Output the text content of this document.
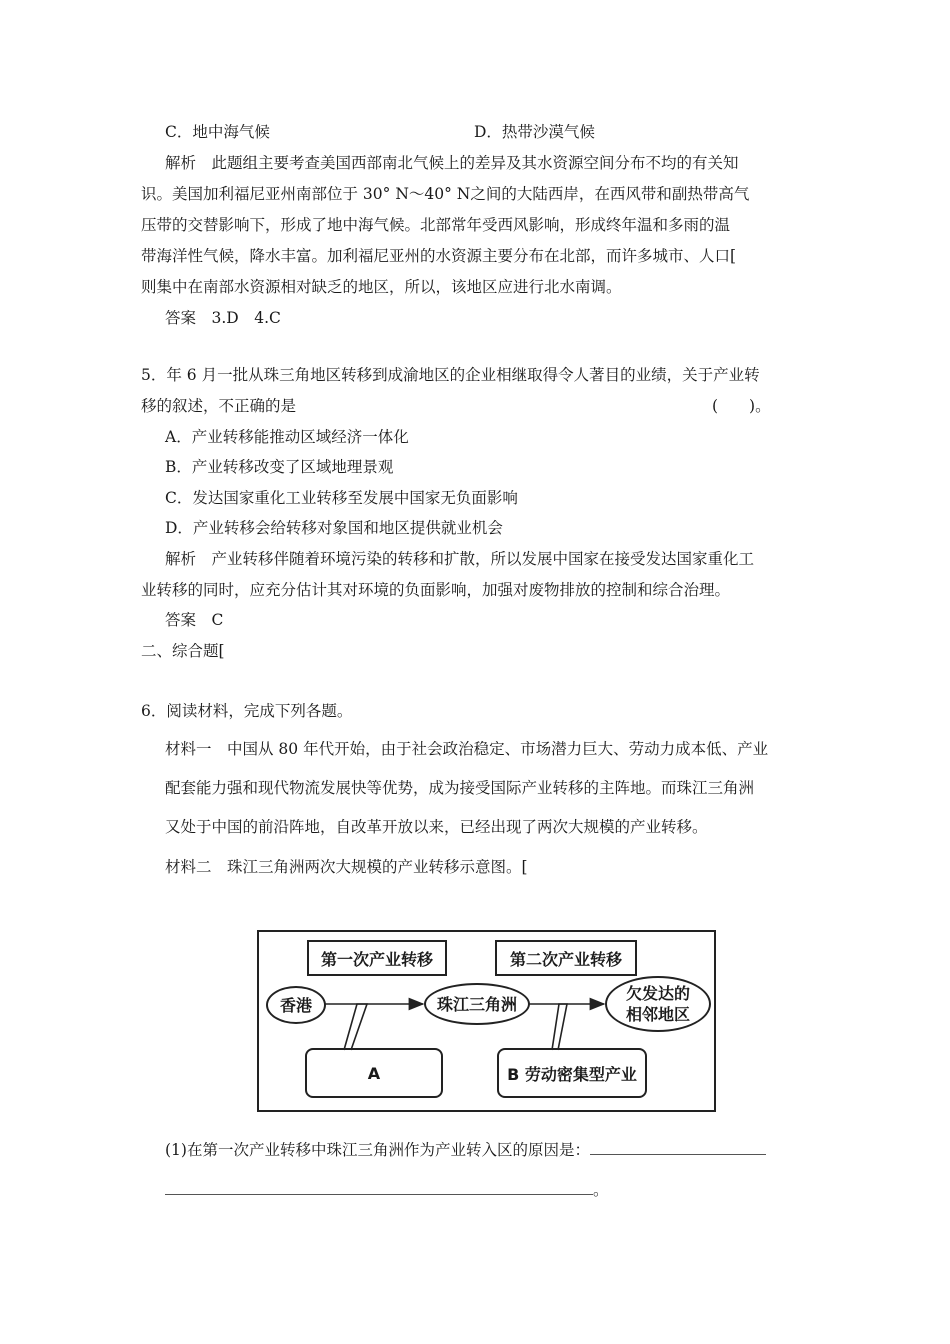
C．地中海气候	D．热带沙漠气候
解析　此题组主要考查美国西部南北气候上的差异及其水资源空间分布不均的有关知
识。美国加利福尼亚州南部位于 30° N～40° N之间的大陆西岸，在西风带和副热带高气
压带的交替影响下，形成了地中海气候。北部常年受西风影响，形成终年温和多雨的温
带海洋性气候，降水丰富。加利福尼亚州的水资源主要分布在北部，而许多城市、人口[
则集中在南部水资源相对缺乏的地区，所以，该地区应进行北水南调。
答案　3.D　4.C
5．年 6 月一批从珠三角地区转移到成渝地区的企业相继取得令人著目的业绩，关于产业转
移的叙述，不正确的是	(　　)。
A．产业转移能推动区域经济一体化
B．产业转移改变了区域地理景观
C．发达国家重化工业转移至发展中国家无负面影响
D．产业转移会给转移对象国和地区提供就业机会
解析　产业转移伴随着环境污染的转移和扩散，所以发展中国家在接受发达国家重化工
业转移的同时，应充分估计其对环境的负面影响，加强对废物排放的控制和综合治理。
答案　C
二、综合题[
6．阅读材料，完成下列各题。
材料一　中国从 80 年代开始，由于社会政治稳定、市场潜力巨大、劳动力成本低、产业
配套能力强和现代物流发展快等优势，成为接受国际产业转移的主阵地。而珠江三角洲
又处于中国的前沿阵地，自改革开放以来，已经出现了两次大规模的产业转移。
材料二　珠江三角洲两次大规模的产业转移示意图。[
第一次产业转移	第二次产业转移
香港	珠江三角洲
欠发达的
相邻地区
A	B 劳动密集型产业
(1)在第一次产业转移中珠江三角洲作为产业转入区的原因是：
。
